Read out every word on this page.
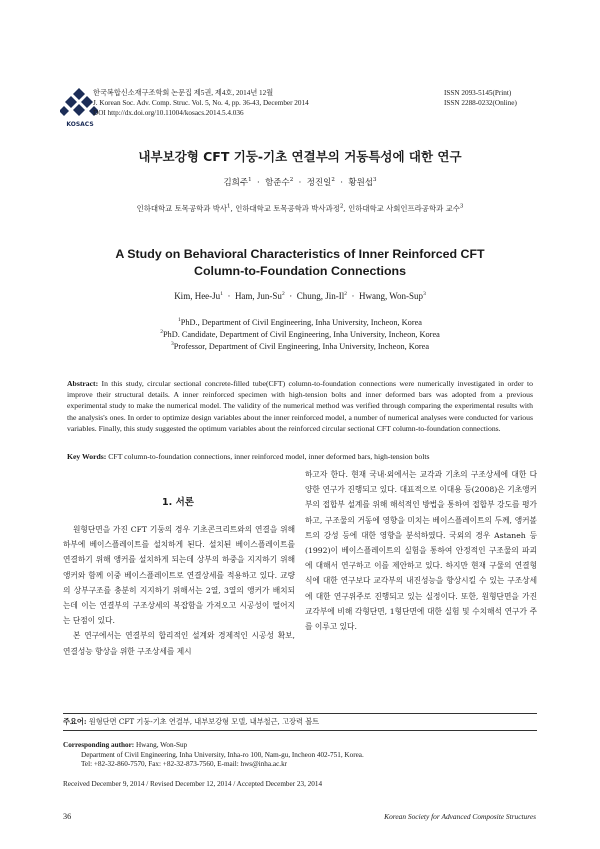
KOSACS
한국복합신소재구조학회 논문집 제5권, 제4호, 2014년 12월
J. Korean Soc. Adv. Comp. Struc. Vol. 5, No. 4, pp. 36-43, December 2014
DOI http://dx.doi.org/10.11004/kosacs.2014.5.4.036
ISSN 2093-5145(Print)
ISSN 2288-0232(Online)
내부보강형 CFT 기둥-기초 연결부의 거동특성에 대한 연구
김희주$^1$  ·  함준수$^2$  ·  정진일$^2$  ·  황원섭$^3$
인하대학교 토목공학과 박사$^1$, 인하대학교 토목공학과 박사과정$^2$, 인하대학교 사회인프라공학과 교수$^3$
A Study on Behavioral Characteristics of Inner Reinforced CFT
Column-to-Foundation Connections
Kim, Hee-Ju$^1$  ·  Ham, Jun-Su$^2$  ·  Chung, Jin-Il$^2$  ·  Hwang, Won-Sup$^3$
$^1$PhD., Department of Civil Engineering, Inha University, Incheon, Korea
$^2$PhD. Candidate, Department of Civil Engineering, Inha University, Incheon, Korea
$^3$Professor, Department of Civil Engineering, Inha University, Incheon, Korea
Abstract: In this study, circular sectional concrete-filled tube(CFT) column-to-foundation connections were numerically investigated in order to improve their structural details. A inner reinforced specimen with high-tension bolts and inner deformed bars was adopted from a previous experimental study to make the numerical model. The validity of the numerical method was verified through comparing the experimental results with the analysis's ones. In order to optimize design variables about the inner reinforced model, a number of numerical analyses were conducted for various variables. Finally, this study suggested the optimum variables about the reinforced circular sectional CFT column-to-foundation connections.
Key Words: CFT column-to-foundation connections, inner reinforced model, inner deformed bars, high-tension bolts
1. 서론

원형단면을 가진 CFT 기둥의 경우 기초콘크리트와의 연결을 위해 하부에 베이스플레이트를 설치하게 된다. 설치된 베이스플레이트를 연결하기 위해 앵커를 설치하게 되는데 상부의 하중을 지지하기 위해 앵커와 함께 이중 베이스플레이트로 연결상세를 적용하고 있다. 교량의 상부구조를 충분히 지지하기 위해서는 2열, 3열의 앵커가 배치되는데 이는 연결부의 구조상세의 복잡함을 가져오고 시공성이 떨어지는 단점이 있다.

본 연구에서는 연결부의 합리적인 설계와 경제적인 시공성 확보, 연결성능 향상을 위한 구조상세를 제시

하고자 한다. 현재 국내·외에서는 교각과 기초의 구조상세에 대한 다양한 연구가 진행되고 있다. 대표적으로 이대용 등(2008)은 기초앵커부의 접합부 설계를 위해 해석적인 방법을 통하여 접합부 강도를 평가하고, 구조물의 거동에 영향을 미치는 베이스플레이트의 두께, 앵커볼트의 강성 등에 대한 영향을 분석하였다. 국외의 경우 Astaneh 등(1992)이 베이스플레이트의 실험을 통하여 안정적인 구조물의 파괴에 대해서 연구하고 이를 제안하고 있다. 하지만 현재 구물의 연결형식에 대한 연구보다 교각부의 내진성능을 향상시킬 수 있는 구조상세에 대한 연구위주로 진행되고 있는 실정이다. 또한, 원형단면을 가진 교각부에 비해 각형단면, 1형단면에 대한 실험 및 수치해석 연구가 주를 이루고 있다.

주요어: 원형단면 CFT 기둥-기초 연결부, 내부보강형 모델, 내부철근, 고장력 볼트
Corresponding author: Hwang, Won-Sup
Department of Civil Engineering, Inha University, Inha-ro 100, Nam-gu, Incheon 402-751, Korea.
Tel: +82-32-860-7570, Fax: +82-32-873-7560, E-mail: hws@inha.ac.kr
Received December 9, 2014 / Revised December 12, 2014 / Accepted December 23, 2014
36	Korean Society for Advanced Composite Structures
